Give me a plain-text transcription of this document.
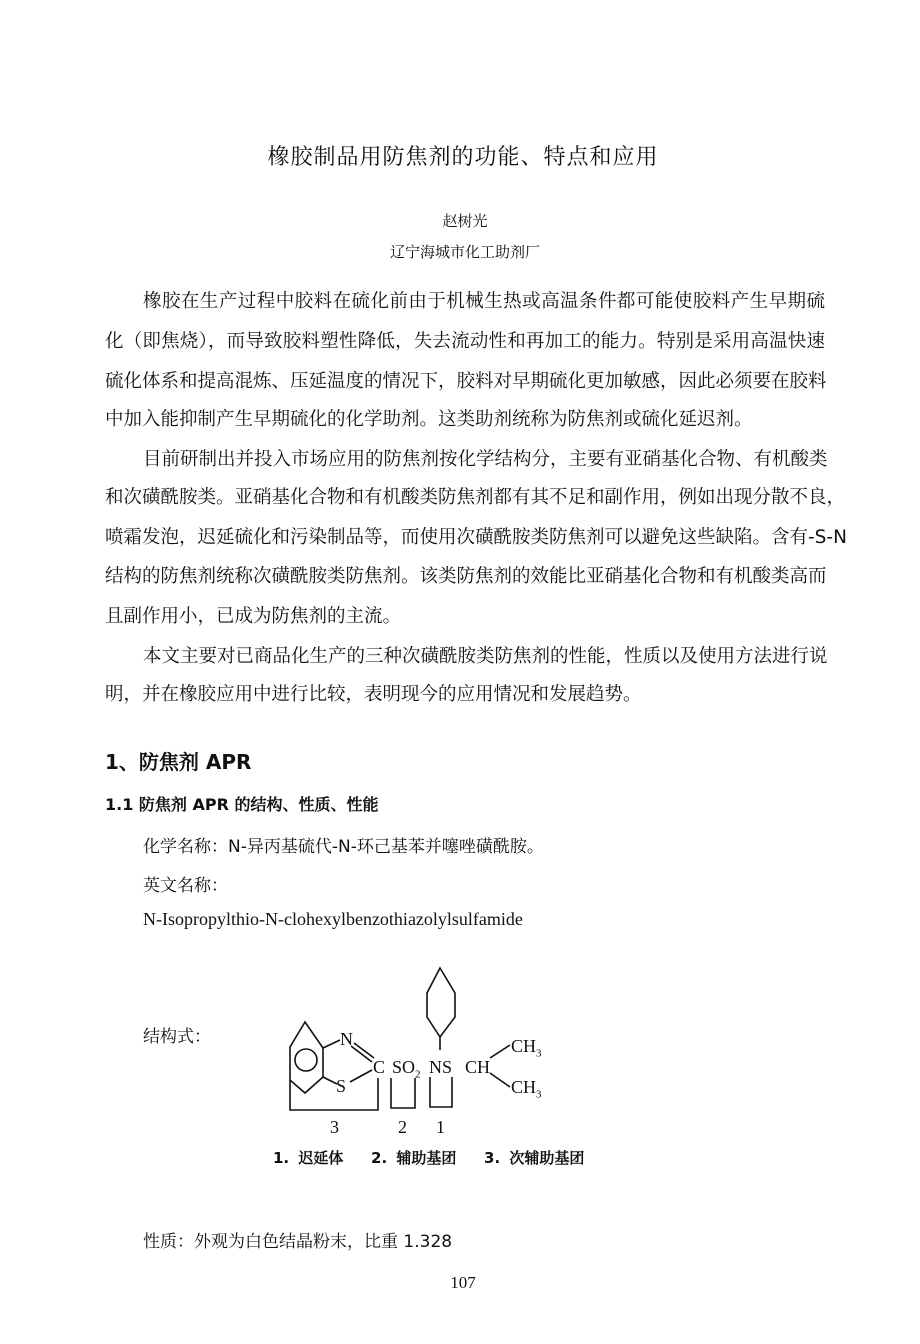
橡胶制品用防焦剂的功能、特点和应用
赵树光
辽宁海城市化工助剂厂
橡胶在生产过程中胶料在硫化前由于机械生热或高温条件都可能使胶料产生早期硫
化（即焦烧），而导致胶料塑性降低，失去流动性和再加工的能力。特别是采用高温快速
硫化体系和提高混炼、压延温度的情况下，胶料对早期硫化更加敏感，因此必须要在胶料
中加入能抑制产生早期硫化的化学助剂。这类助剂统称为防焦剂或硫化延迟剂。
目前研制出并投入市场应用的防焦剂按化学结构分，主要有亚硝基化合物、有机酸类
和次磺酰胺类。亚硝基化合物和有机酸类防焦剂都有其不足和副作用，例如出现分散不良，
喷霜发泡，迟延硫化和污染制品等，而使用次磺酰胺类防焦剂可以避免这些缺陷。含有-S-N
结构的防焦剂统称次磺酰胺类防焦剂。该类防焦剂的效能比亚硝基化合物和有机酸类高而
且副作用小，已成为防焦剂的主流。
本文主要对已商品化生产的三种次磺酰胺类防焦剂的性能，性质以及使用方法进行说
明，并在橡胶应用中进行比较，表明现今的应用情况和发展趋势。
1、防焦剂 APR
1.1 防焦剂 APR 的结构、性质、性能
化学名称：N-异丙基硫代-N-环己基苯并噻唑磺酰胺。
英文名称：
N-Isopropylthio-N-clohexylbenzothiazolylsulfamide
结构式：	N
S
C $SO_2$ NS CH
$CH_3$
$CH_3$
3	2 1
1. 迟延体   2. 辅助基团   3. 次辅助基团
性质：外观为白色结晶粉末，比重 1.328
107
